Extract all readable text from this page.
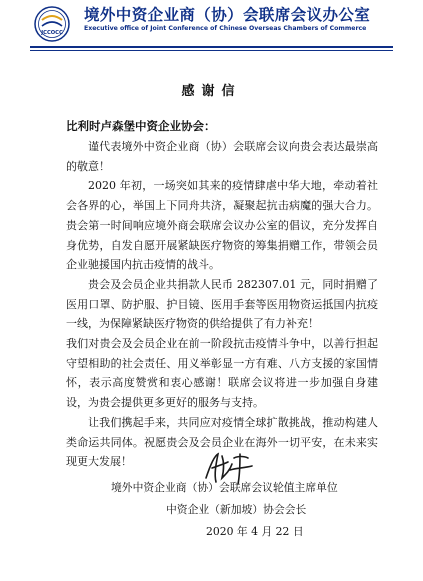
JCCOCC
境外中资企业商（协）会联席会议办公室
Executive office of Joint Conference of Chinese Overseas Chambers of Commerce
感谢信
比利时卢森堡中资企业协会：

谨代表境外中资企业商（协）会联席会议向贵会表达最崇高的敬意！

2020 年初，一场突如其来的疫情肆虐中华大地，牵动着社会各界的心，举国上下同舟共济，凝聚起抗击病魔的强大合力。贵会第一时间响应境外商会联席会议办公室的倡议，充分发挥自身优势，自发自愿开展紧缺医疗物资的筹集捐赠工作，带领会员企业驰援国内抗击疫情的战斗。

贵会及会员企业共捐款人民币 282307.01 元，同时捐赠了医用口罩、防护服、护目镜、医用手套等医用物资运抵国内抗疫一线，为保障紧缺医疗物资的供给提供了有力补充！

我们对贵会及会员企业在前一阶段抗击疫情斗争中，以善行担起守望相助的社会责任、用义举彰显一方有难、八方支援的家国情怀，表示高度赞赏和衷心感谢！联席会议将进一步加强自身建设，为贵会提供更多更好的服务与支持。

让我们携起手来，共同应对疫情全球扩散挑战，推动构建人类命运共同体。祝愿贵会及会员企业在海外一切平安，在未来实现更大发展！

境外中资企业商（协）会联席会议轮值主席单位
中资企业（新加坡）协会会长
2020 年 4 月 22 日
